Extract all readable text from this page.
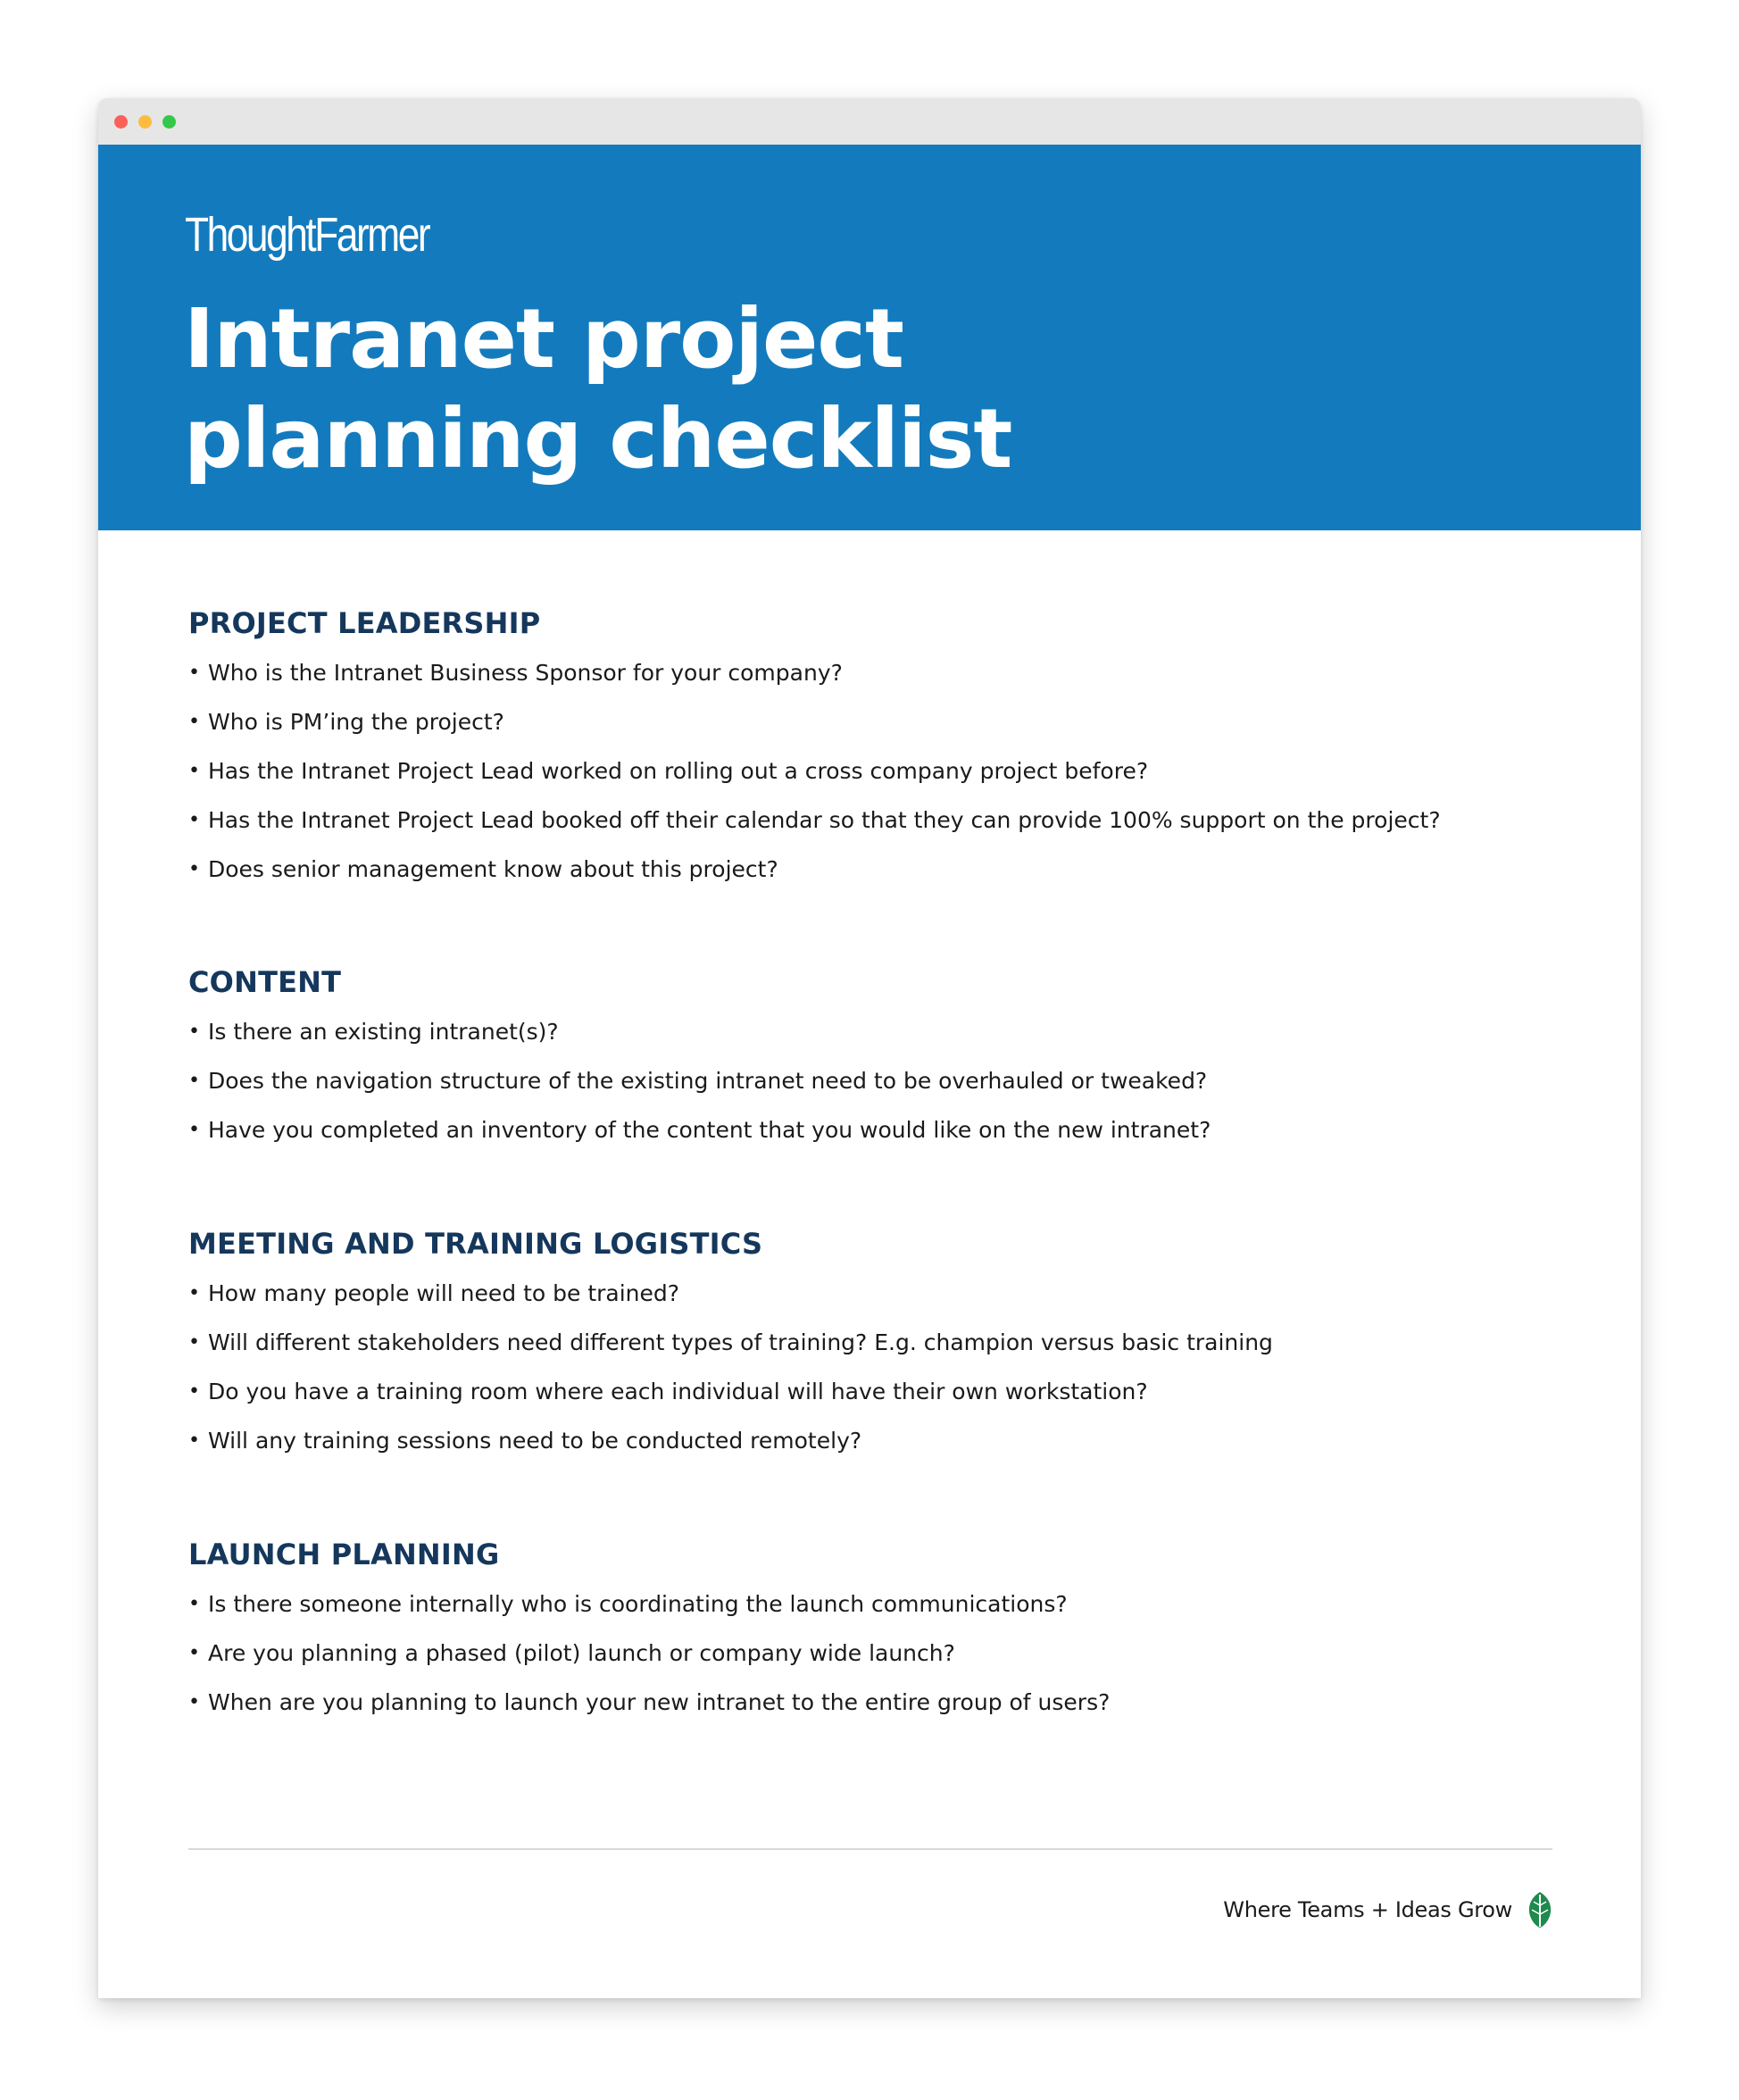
ThoughtFarmer
Intranet project
planning checklist
PROJECT LEADERSHIP
• Who is the Intranet Business Sponsor for your company?
• Who is PM’ing the project?
• Has the Intranet Project Lead worked on rolling out a cross company project before?
• Has the Intranet Project Lead booked off their calendar so that they can provide 100% support on the project?
• Does senior management know about this project?
CONTENT
• Is there an existing intranet(s)?
• Does the navigation structure of the existing intranet need to be overhauled or tweaked?
• Have you completed an inventory of the content that you would like on the new intranet?
MEETING AND TRAINING LOGISTICS
• How many people will need to be trained?
• Will different stakeholders need different types of training? E.g. champion versus basic training
• Do you have a training room where each individual will have their own workstation?
• Will any training sessions need to be conducted remotely?
LAUNCH PLANNING
• Is there someone internally who is coordinating the launch communications?
• Are you planning a phased (pilot) launch or company wide launch?
• When are you planning to launch your new intranet to the entire group of users?
Where Teams + Ideas Grow
